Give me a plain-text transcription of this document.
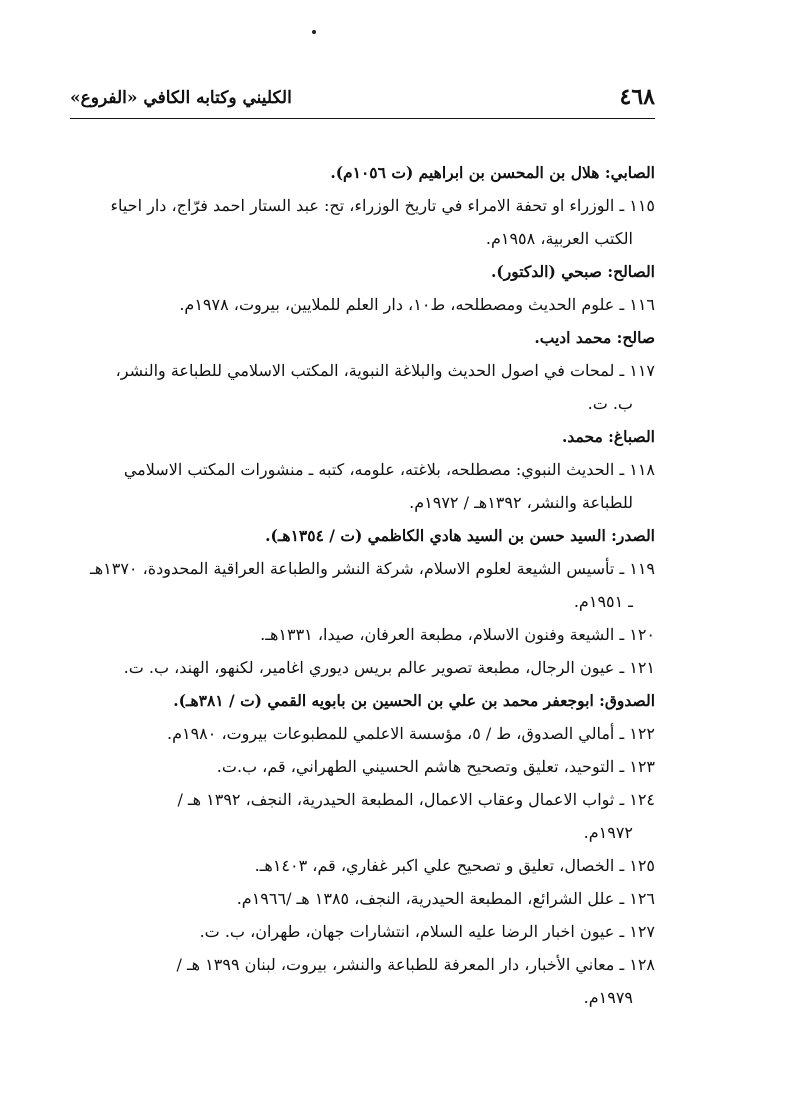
٤٦٨
الكليني وكتابه الكافي «الفروع»
الصابي: هلال بن المحسن بن ابراهيم (ت ١٠٥٦م).
١١٥ ـ الوزراء او تحفة الامراء في تاريخ الوزراء، تح: عبد الستار احمد فرّاج، دار احياء
الكتب العربية، ١٩٥٨م.
الصالح: صبحي (الدكتور).
١١٦ ـ علوم الحديث ومصطلحه، ط١٠، دار العلم للملايين، بيروت، ١٩٧٨م.
صالح: محمد اديب.
١١٧ ـ لمحات في اصول الحديث والبلاغة النبوية، المكتب الاسلامي للطباعة والنشر،
ب. ت.
الصباغ: محمد.
١١٨ ـ الحديث النبوي: مصطلحه، بلاغته، علومه، كتبه ـ منشورات المكتب الاسلامي
للطباعة والنشر، ١٣٩٢هـ / ١٩٧٢م.
الصدر: السيد حسن بن السيد هادي الكاظمي (ت / ١٣٥٤هـ).
١١٩ ـ تأسيس الشيعة لعلوم الاسلام، شركة النشر والطباعة العراقية المحدودة، ١٣٧٠هـ
ـ ١٩٥١م.
١٢٠ ـ الشيعة وفنون الاسلام، مطبعة العرفان، صيدا، ١٣٣١هـ.
١٢١ ـ عيون الرجال، مطبعة تصوير عالم بريس ديوري اغامير، لكنهو، الهند، ب. ت.
الصدوق: ابوجعفر محمد بن علي بن الحسين بن بابويه القمي (ت / ٣٨١هـ).
١٢٢ ـ أمالي الصدوق، ط / ٥، مؤسسة الاعلمي للمطبوعات بيروت، ١٩٨٠م.
١٢٣ ـ التوحيد، تعليق وتصحيح هاشم الحسيني الطهراني، قم، ب.ت.
١٢٤ ـ ثواب الاعمال وعقاب الاعمال، المطبعة الحيدرية، النجف، ١٣٩٢ هـ /
١٩٧٢م.
١٢٥ ـ الخصال، تعليق و تصحيح علي اكبر غفاري، قم، ١٤٠٣هـ.
١٢٦ ـ علل الشرائع، المطبعة الحيدرية، النجف، ١٣٨٥ هـ /١٩٦٦م.
١٢٧ ـ عيون اخبار الرضا عليه السلام، انتشارات جهان، طهران، ب. ت.
١٢٨ ـ معاني الأخبار، دار المعرفة للطباعة والنشر، بيروت، لبنان ١٣٩٩ هـ /
١٩٧٩م.
